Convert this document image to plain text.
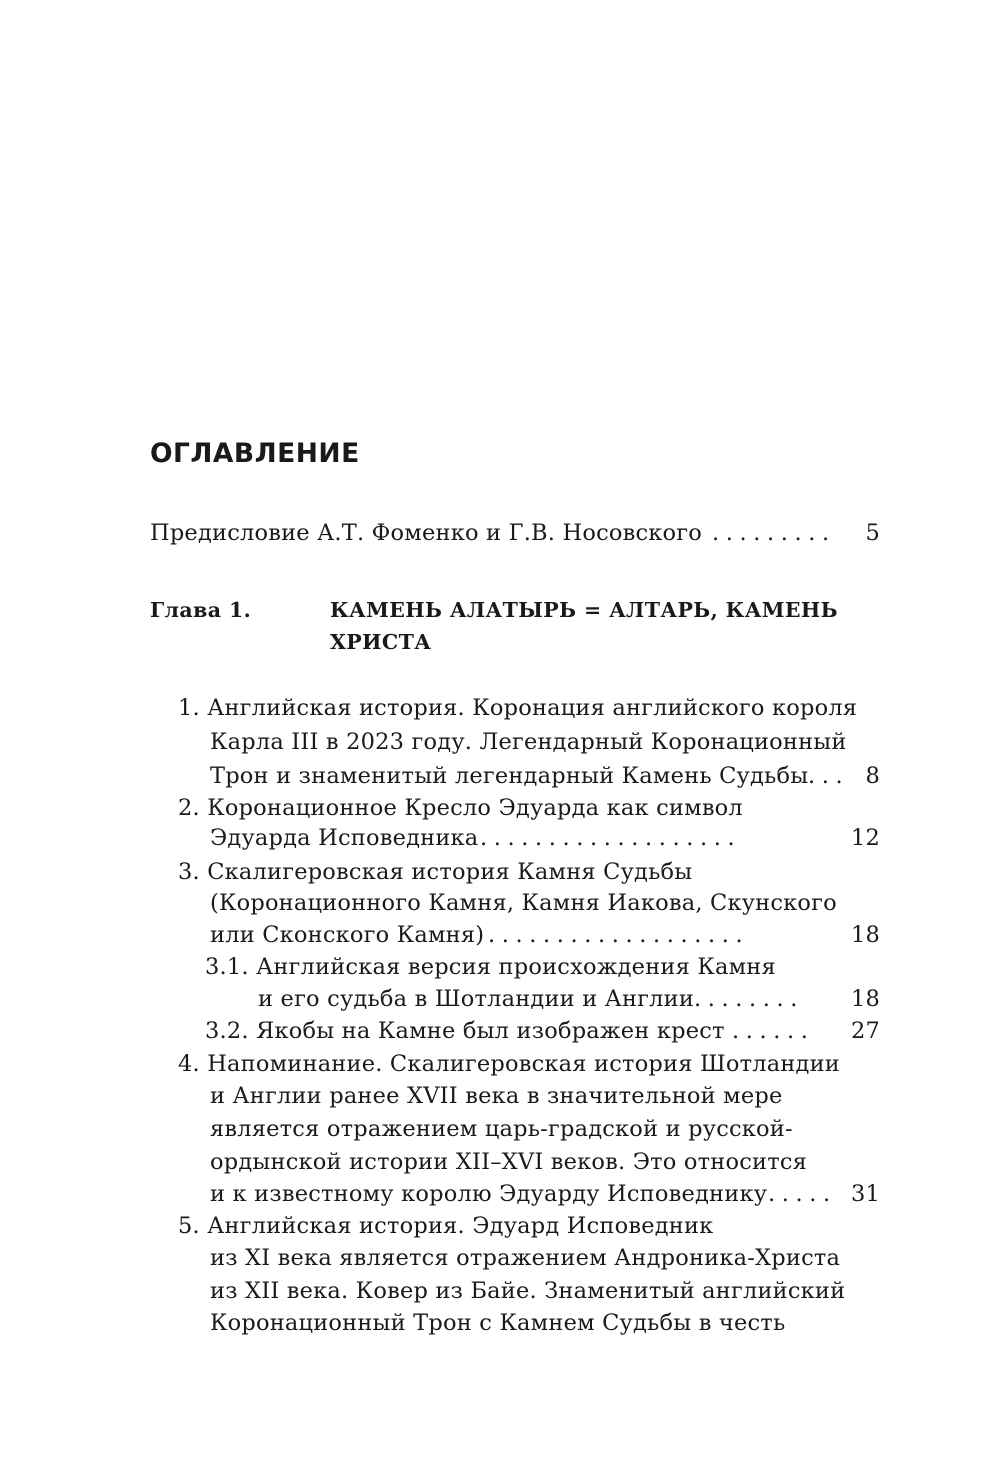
ОГЛАВЛЕНИЕ
Предисловие А.Т. Фоменко и Г.В. Носовского ......... 5
Глава 1.	КАМЕНЬ АЛАТЫРЬ = АЛТАРЬ, КАМЕНЬ
ХРИСТА
1. Английская история. Коронация английского короля
Карла III в 2023 году. Легендарный Коронационный
Трон и знаменитый легендарный Камень Судьбы ... 8
2. Коронационное Кресло Эдуарда как символ
Эдуарда Исповедника ...................	12
3. Скалигеровская история Камня Судьбы
(Коронационного Камня, Камня Иакова, Скунского
или Сконского Камня) ...................	18
3.1. Английская версия происхождения Камня
и его судьба в Шотландии и Англии ........ 18
3.2. Якобы на Камне был изображен крест ...... 27
4. Напоминание. Скалигеровская история Шотландии
и Англии ранее XVII века в значительной мере
является отражением царь-градской и русской-
ордынской истории XII–XVI веков. Это относится
и к известному королю Эдуарду Исповеднику ..... 31
5. Английская история. Эдуард Исповедник
из XI века является отражением Андроника-Христа
из XII века. Ковер из Байе. Знаменитый английский
Коронационный Трон с Камнем Судьбы в честь
